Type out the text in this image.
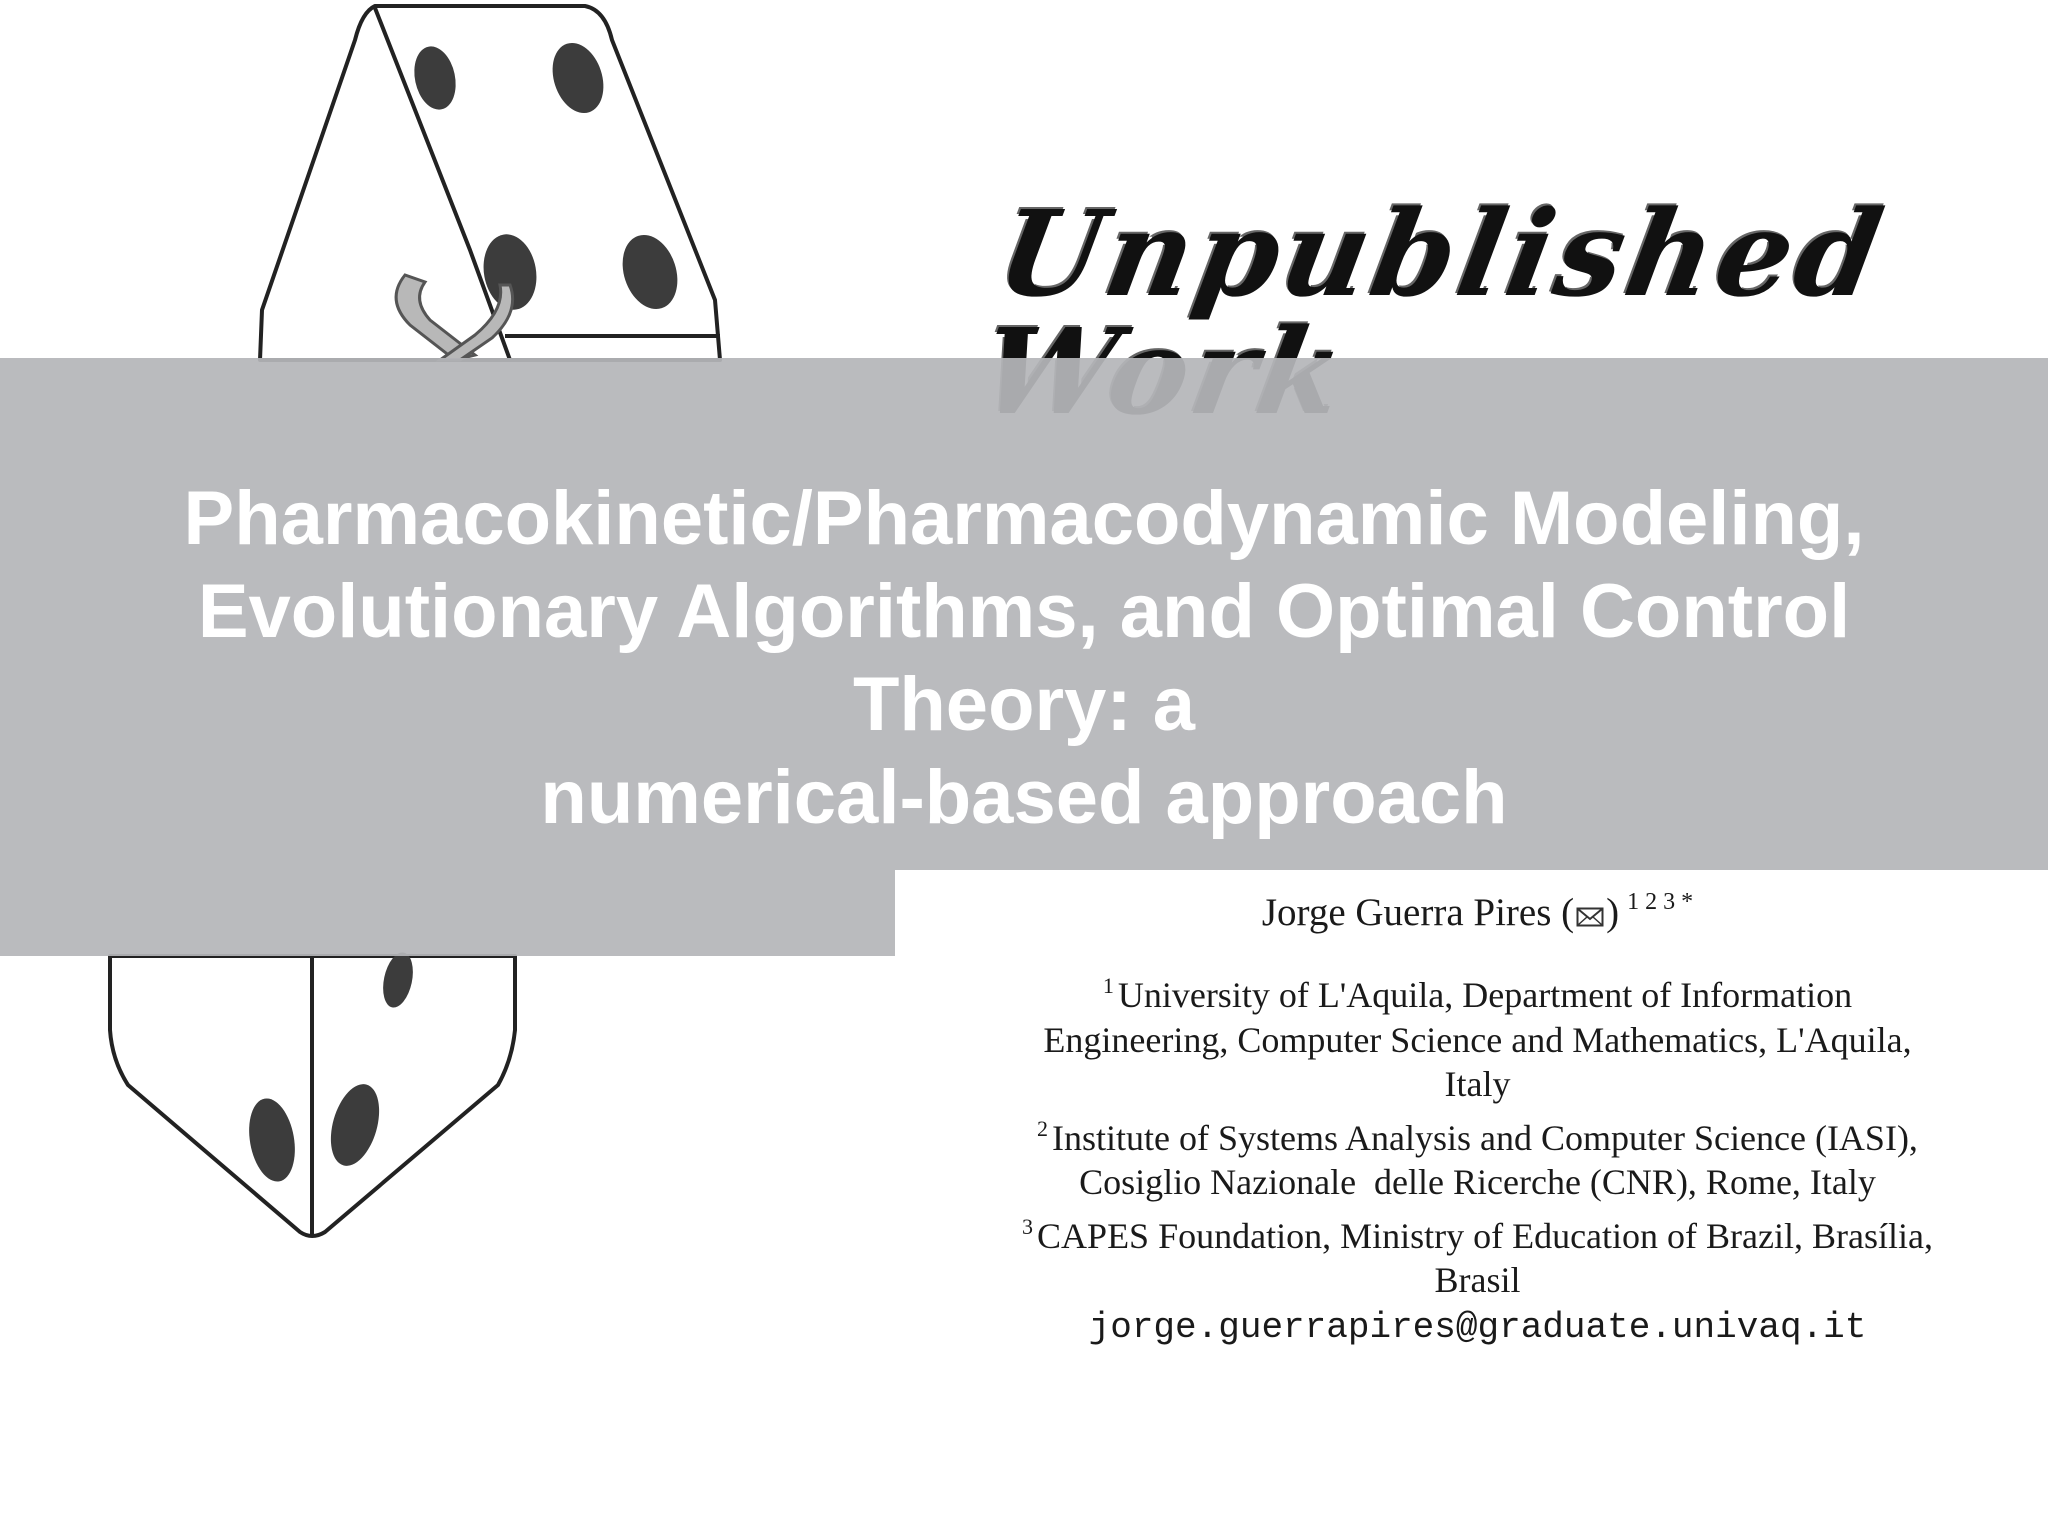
Unpublished
Pharmacokinetic/Pharmacodynamic Modeling,
Evolutionary Algorithms, and Optimal Control
Theory: a
numerical-based approach
Jorge Guerra Pires ( ) $^{1 2 3 *}$
$^1$ University of L'Aquila, Department of Information
Engineering, Computer Science and Mathematics, L'Aquila,
Italy
$^2$ Institute of Systems Analysis and Computer Science (IASI),
Cosiglio Nazionale  delle Ricerche (CNR), Rome, Italy
$^3$ CAPES Foundation, Ministry of Education of Brazil, Brasília,
Brasil
jorge.guerrapires@graduate.univaq.it
